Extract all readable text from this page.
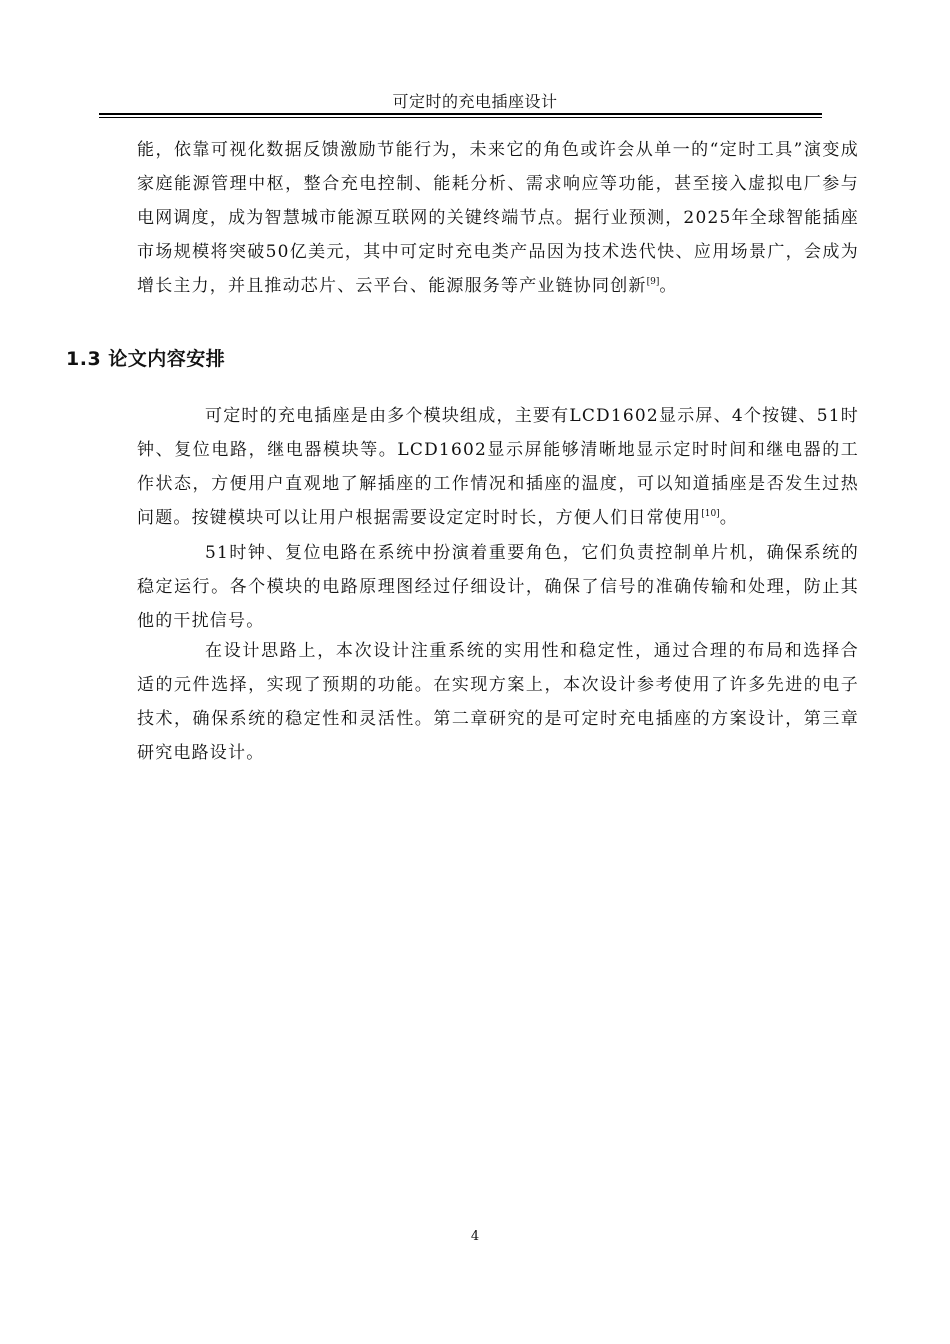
可定时的充电插座设计

能，依靠可视化数据反馈激励节能行为，未来它的角色或许会从单一的“定时工具”演变成家庭能源管理中枢，整合充电控制、能耗分析、需求响应等功能，甚至接入虚拟电厂参与电网调度，成为智慧城市能源互联网的关键终端节点。据行业预测，2025年全球智能插座市场规模将突破50亿美元，其中可定时充电类产品因为技术迭代快、应用场景广，会成为增长主力，并且推动芯片、云平台、能源服务等产业链协同创新[9]。

1.3 论文内容安排

可定时的充电插座是由多个模块组成，主要有LCD1602显示屏、4个按键、51时钟、复位电路，继电器模块等。LCD1602显示屏能够清晰地显示定时时间和继电器的工作状态，方便用户直观地了解插座的工作情况和插座的温度，可以知道插座是否发生过热问题。按键模块可以让用户根据需要设定定时时长，方便人们日常使用[10]。

51时钟、复位电路在系统中扮演着重要角色，它们负责控制单片机，确保系统的稳定运行。各个模块的电路原理图经过仔细设计，确保了信号的准确传输和处理，防止其他的干扰信号。

在设计思路上，本次设计注重系统的实用性和稳定性，通过合理的布局和选择合适的元件选择，实现了预期的功能。在实现方案上，本次设计参考使用了许多先进的电子技术，确保系统的稳定性和灵活性。第二章研究的是可定时充电插座的方案设计，第三章研究电路设计。

4
